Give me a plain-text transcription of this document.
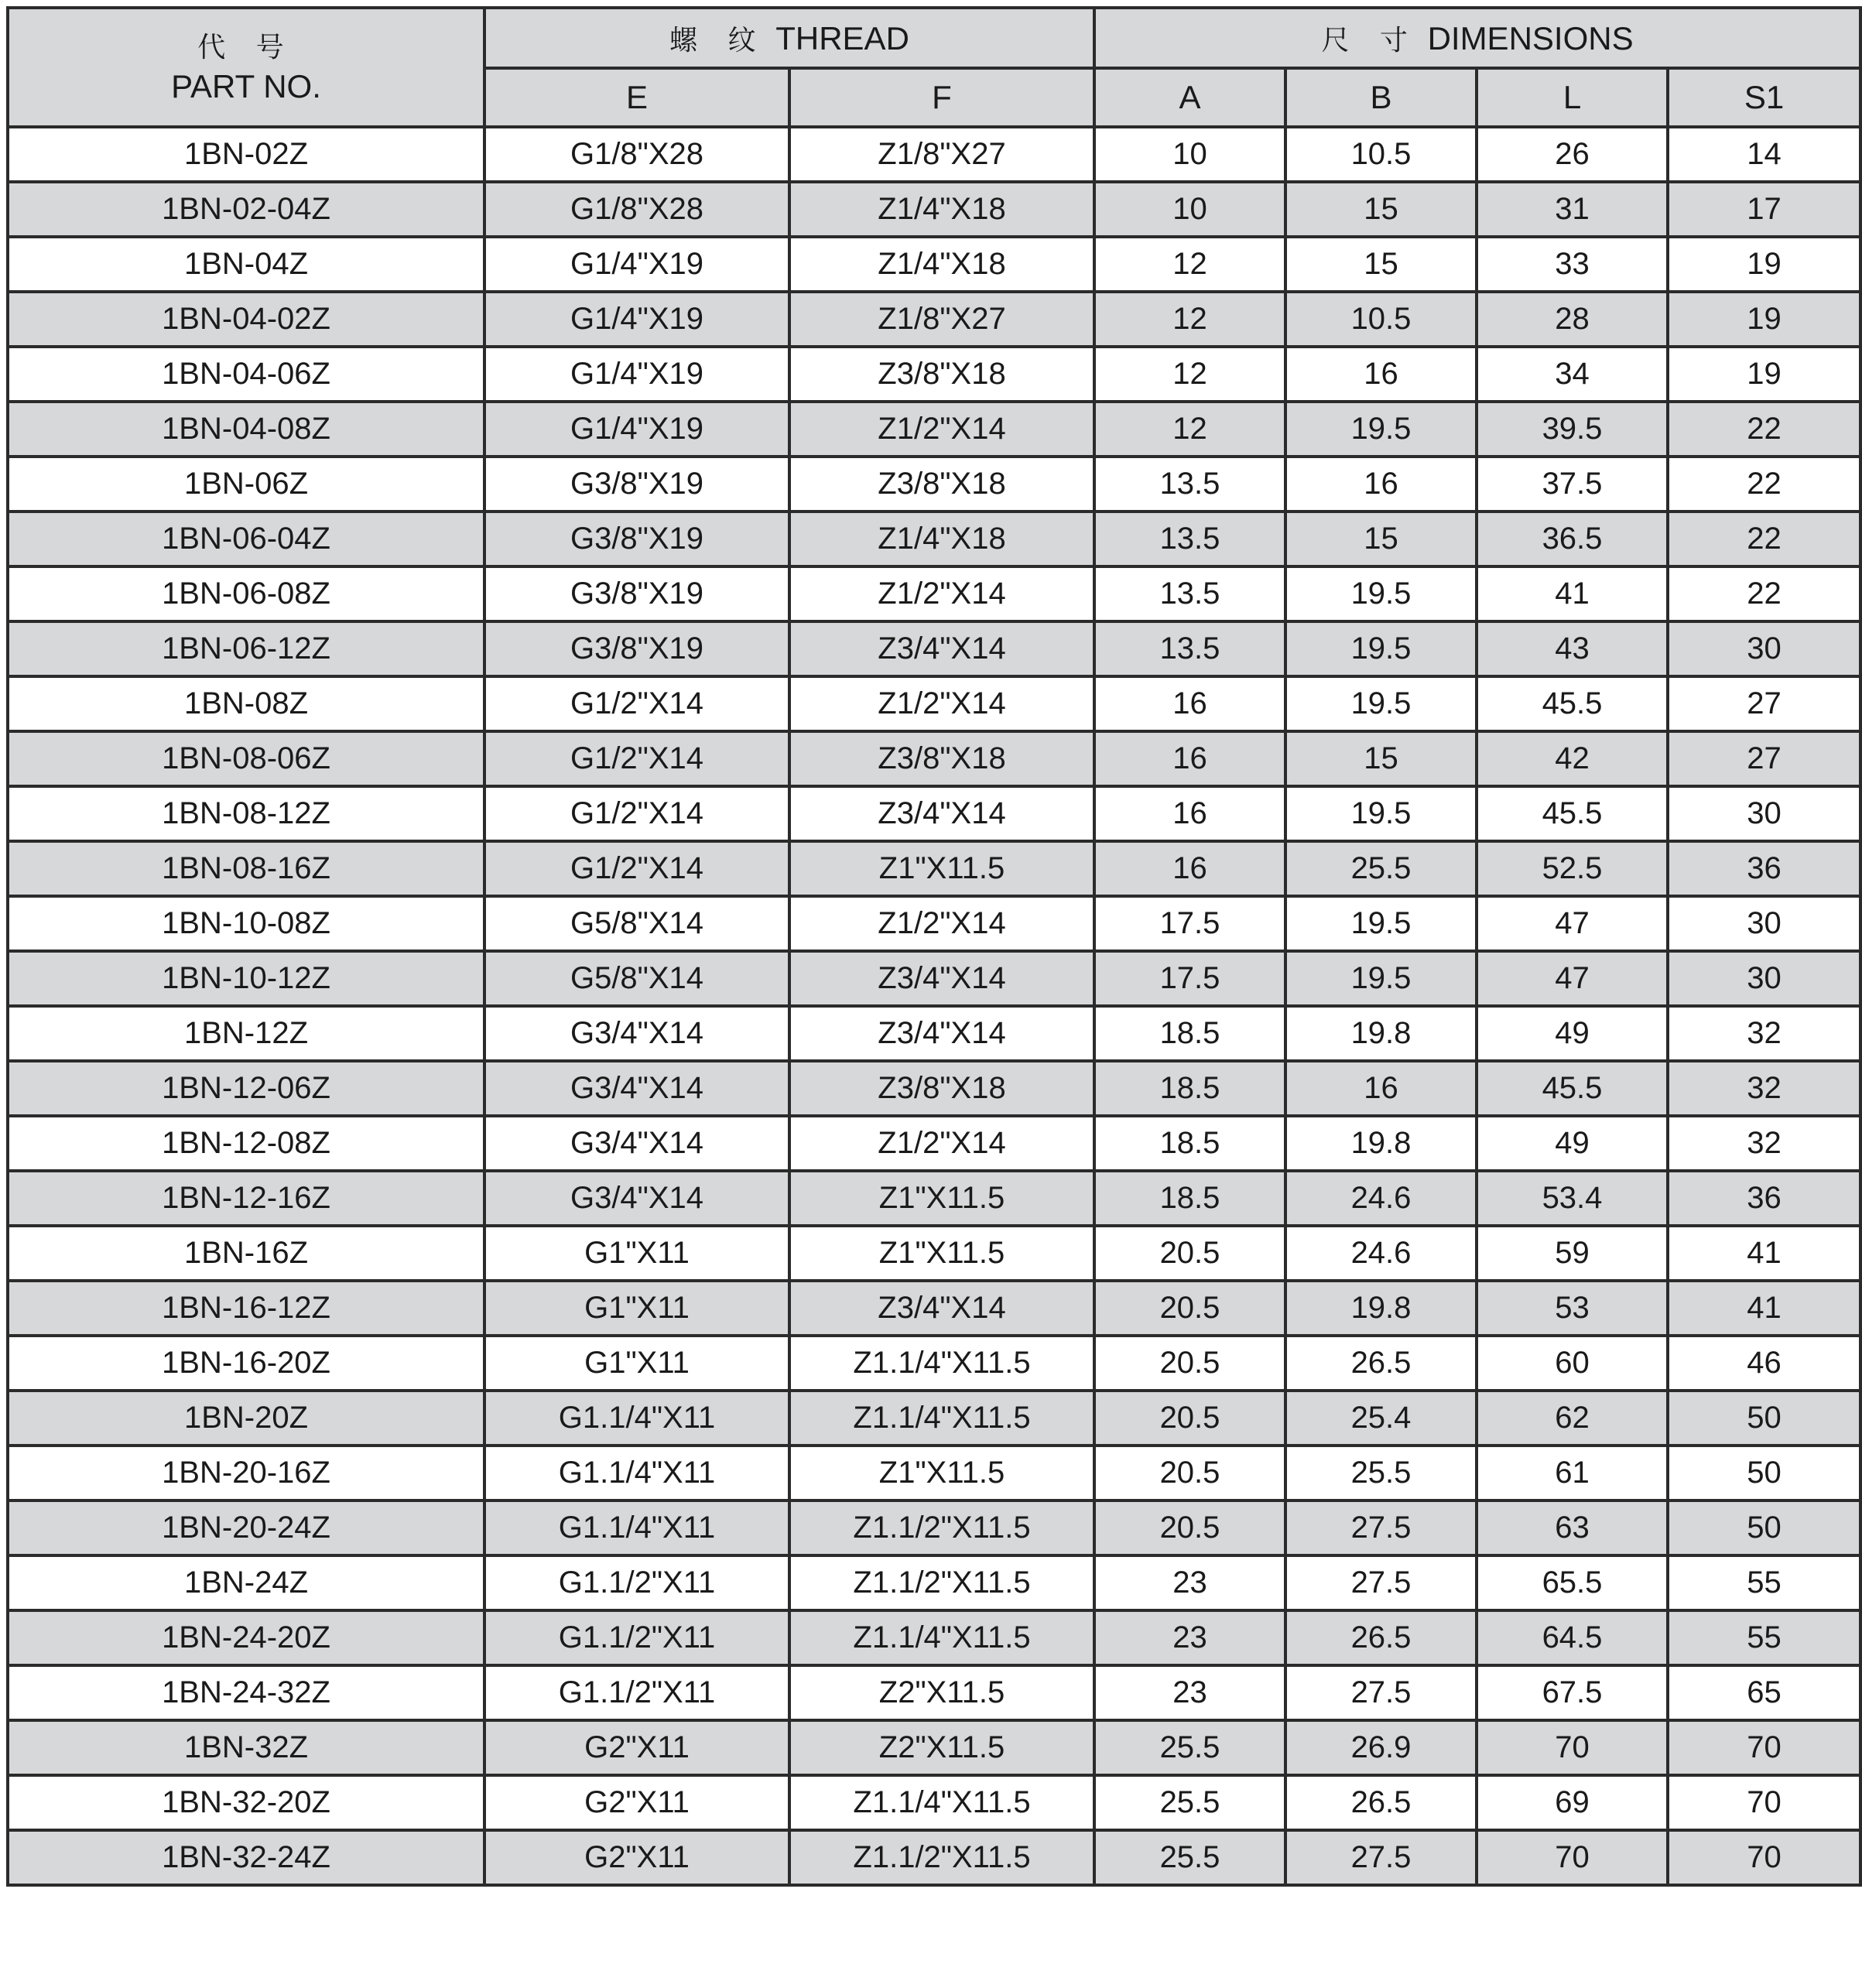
代 号
PART NO.	螺 纹 THREAD		尺 寸 DIMENSIONS			
	E	F	A	B	L	S1
1BN-02Z	G1/8"X28	Z1/8"X27	10	10.5	26	14
1BN-02-04Z	G1/8"X28	Z1/4"X18	10	15	31	17
1BN-04Z	G1/4"X19	Z1/4"X18	12	15	33	19
1BN-04-02Z	G1/4"X19	Z1/8"X27	12	10.5	28	19
1BN-04-06Z	G1/4"X19	Z3/8"X18	12	16	34	19
1BN-04-08Z	G1/4"X19	Z1/2"X14	12	19.5	39.5	22
1BN-06Z	G3/8"X19	Z3/8"X18	13.5	16	37.5	22
1BN-06-04Z	G3/8"X19	Z1/4"X18	13.5	15	36.5	22
1BN-06-08Z	G3/8"X19	Z1/2"X14	13.5	19.5	41	22
1BN-06-12Z	G3/8"X19	Z3/4"X14	13.5	19.5	43	30
1BN-08Z	G1/2"X14	Z1/2"X14	16	19.5	45.5	27
1BN-08-06Z	G1/2"X14	Z3/8"X18	16	15	42	27
1BN-08-12Z	G1/2"X14	Z3/4"X14	16	19.5	45.5	30
1BN-08-16Z	G1/2"X14	Z1"X11.5	16	25.5	52.5	36
1BN-10-08Z	G5/8"X14	Z1/2"X14	17.5	19.5	47	30
1BN-10-12Z	G5/8"X14	Z3/4"X14	17.5	19.5	47	30
1BN-12Z	G3/4"X14	Z3/4"X14	18.5	19.8	49	32
1BN-12-06Z	G3/4"X14	Z3/8"X18	18.5	16	45.5	32
1BN-12-08Z	G3/4"X14	Z1/2"X14	18.5	19.8	49	32
1BN-12-16Z	G3/4"X14	Z1"X11.5	18.5	24.6	53.4	36
1BN-16Z	G1"X11	Z1"X11.5	20.5	24.6	59	41
1BN-16-12Z	G1"X11	Z3/4"X14	20.5	19.8	53	41
1BN-16-20Z	G1"X11	Z1.1/4"X11.5	20.5	26.5	60	46
1BN-20Z	G1.1/4"X11	Z1.1/4"X11.5	20.5	25.4	62	50
1BN-20-16Z	G1.1/4"X11	Z1"X11.5	20.5	25.5	61	50
1BN-20-24Z	G1.1/4"X11	Z1.1/2"X11.5	20.5	27.5	63	50
1BN-24Z	G1.1/2"X11	Z1.1/2"X11.5	23	27.5	65.5	55
1BN-24-20Z	G1.1/2"X11	Z1.1/4"X11.5	23	26.5	64.5	55
1BN-24-32Z	G1.1/2"X11	Z2"X11.5	23	27.5	67.5	65
1BN-32Z	G2"X11	Z2"X11.5	25.5	26.9	70	70
1BN-32-20Z	G2"X11	Z1.1/4"X11.5	25.5	26.5	69	70
1BN-32-24Z	G2"X11	Z1.1/2"X11.5	25.5	27.5	70	70
